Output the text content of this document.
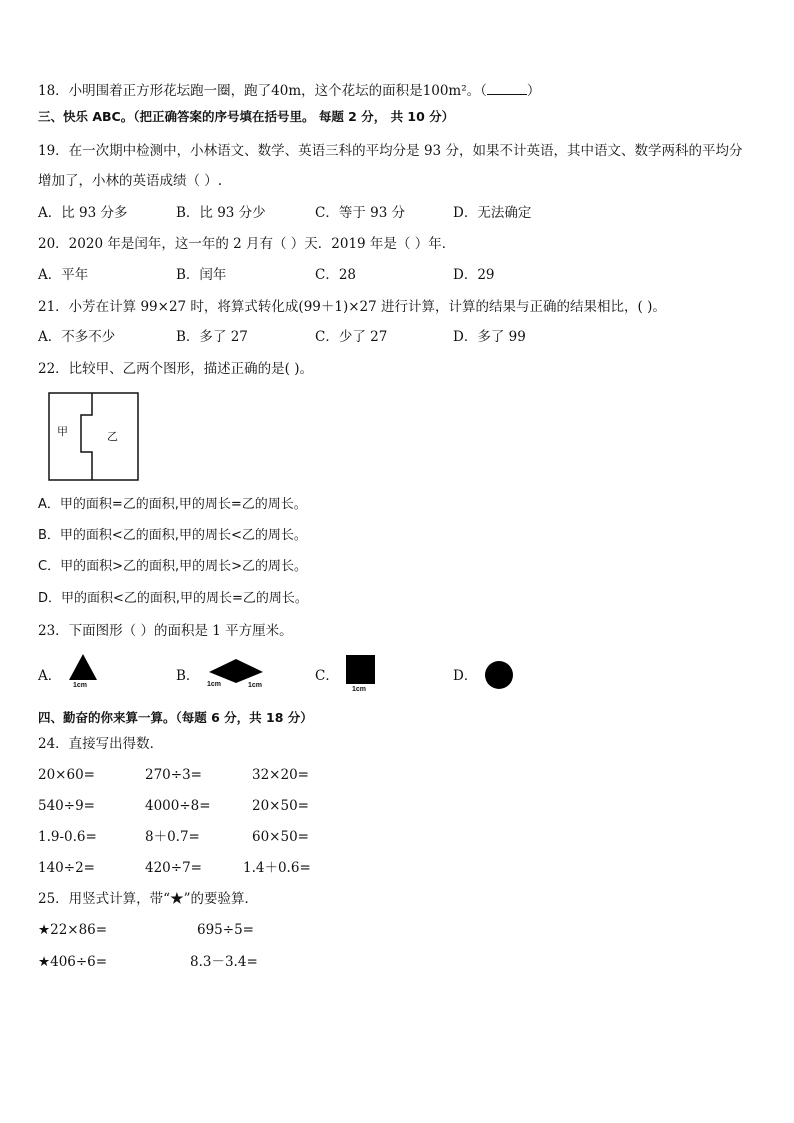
18．小明围着正方形花坛跑一圈，跑了40m，这个花坛的面积是100m²。（	）
三、快乐 ABC。（把正确答案的序号填在括号里。 每题 2 分， 共 10 分）
19．在一次期中检测中，小林语文、数学、英语三科的平均分是 93 分，如果不计英语，其中语文、数学两科的平均分
增加了，小林的英语成绩（ ）.
A．比 93 分多	B．比 93 分少	C．等于 93 分	D．无法确定
20．2020 年是闰年，这一年的 2 月有（ ）天．2019 年是（ ）年．
A．平年	B．闰年	C．28	D．29
21．小芳在计算 99×27 时，将算式转化成(99＋1)×27 进行计算，计算的结果与正确的结果相比，( )。
A．不多不少	B．多了 27	C．少了 27	D．多了 99
22．比较甲、乙两个图形，描述正确的是( )。
甲	乙
A．甲的面积=乙的面积,甲的周长=乙的周长。
B．甲的面积<乙的面积,甲的周长<乙的周长。
C．甲的面积>乙的面积,甲的周长>乙的周长。
D．甲的面积<乙的面积,甲的周长=乙的周长。
23．下面图形（ ）的面积是 1 平方厘米。
A．
1cm
B．
1cm	1cm
C．
1cm
D．
四、勤奋的你来算一算。（每题 6 分，共 18 分）
24．直接写出得数．
20×60=	270÷3=	32×20=
540÷9=	4000÷8=	20×50=
1.9-0.6=	8＋0.7=	60×50=
140÷2=	420÷7=	1.4＋0.6=
25．用竖式计算，带“★”的要验算．
★22×86=	695÷5=
★406÷6=	8.3－3.4=
